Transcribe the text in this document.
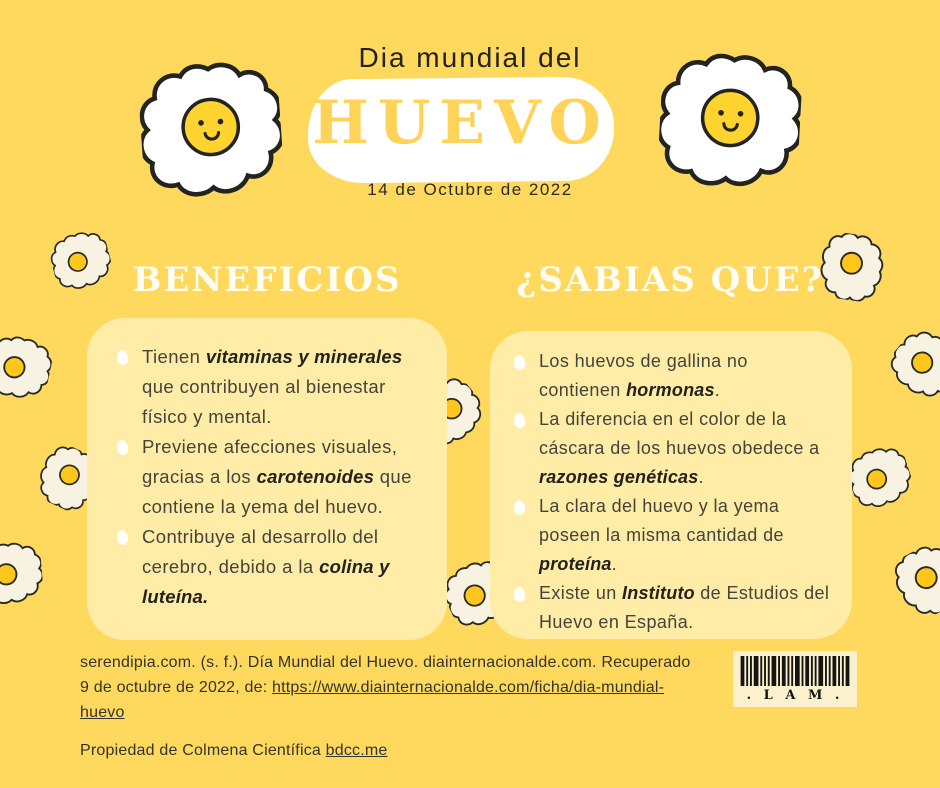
Dia mundial del
HUEVO
14 de Octubre de 2022
BENEFICIOS	¿SABIAS QUE?
Tienen vitaminas y minerales que contribuyen al bienestar físico y mental.
Previene afecciones visuales, gracias a los carotenoides que contiene la yema del huevo.
Contribuye al desarrollo del cerebro, debido a la colina y luteína.
Los huevos de gallina no contienen hormonas.
La diferencia en el color de la cáscara de los huevos obedece a razones genéticas.
La clara del huevo y la yema poseen la misma cantidad de proteína.
Existe un Instituto de Estudios del Huevo en España.
serendipia.com. (s. f.). Día Mundial del Huevo. diainternacionalde.com. Recuperado 9 de octubre de 2022, de: https://www.diainternacionalde.com/ficha/dia-mundial-huevo
Propiedad de Colmena Científica bdcc.me
. L A M .
